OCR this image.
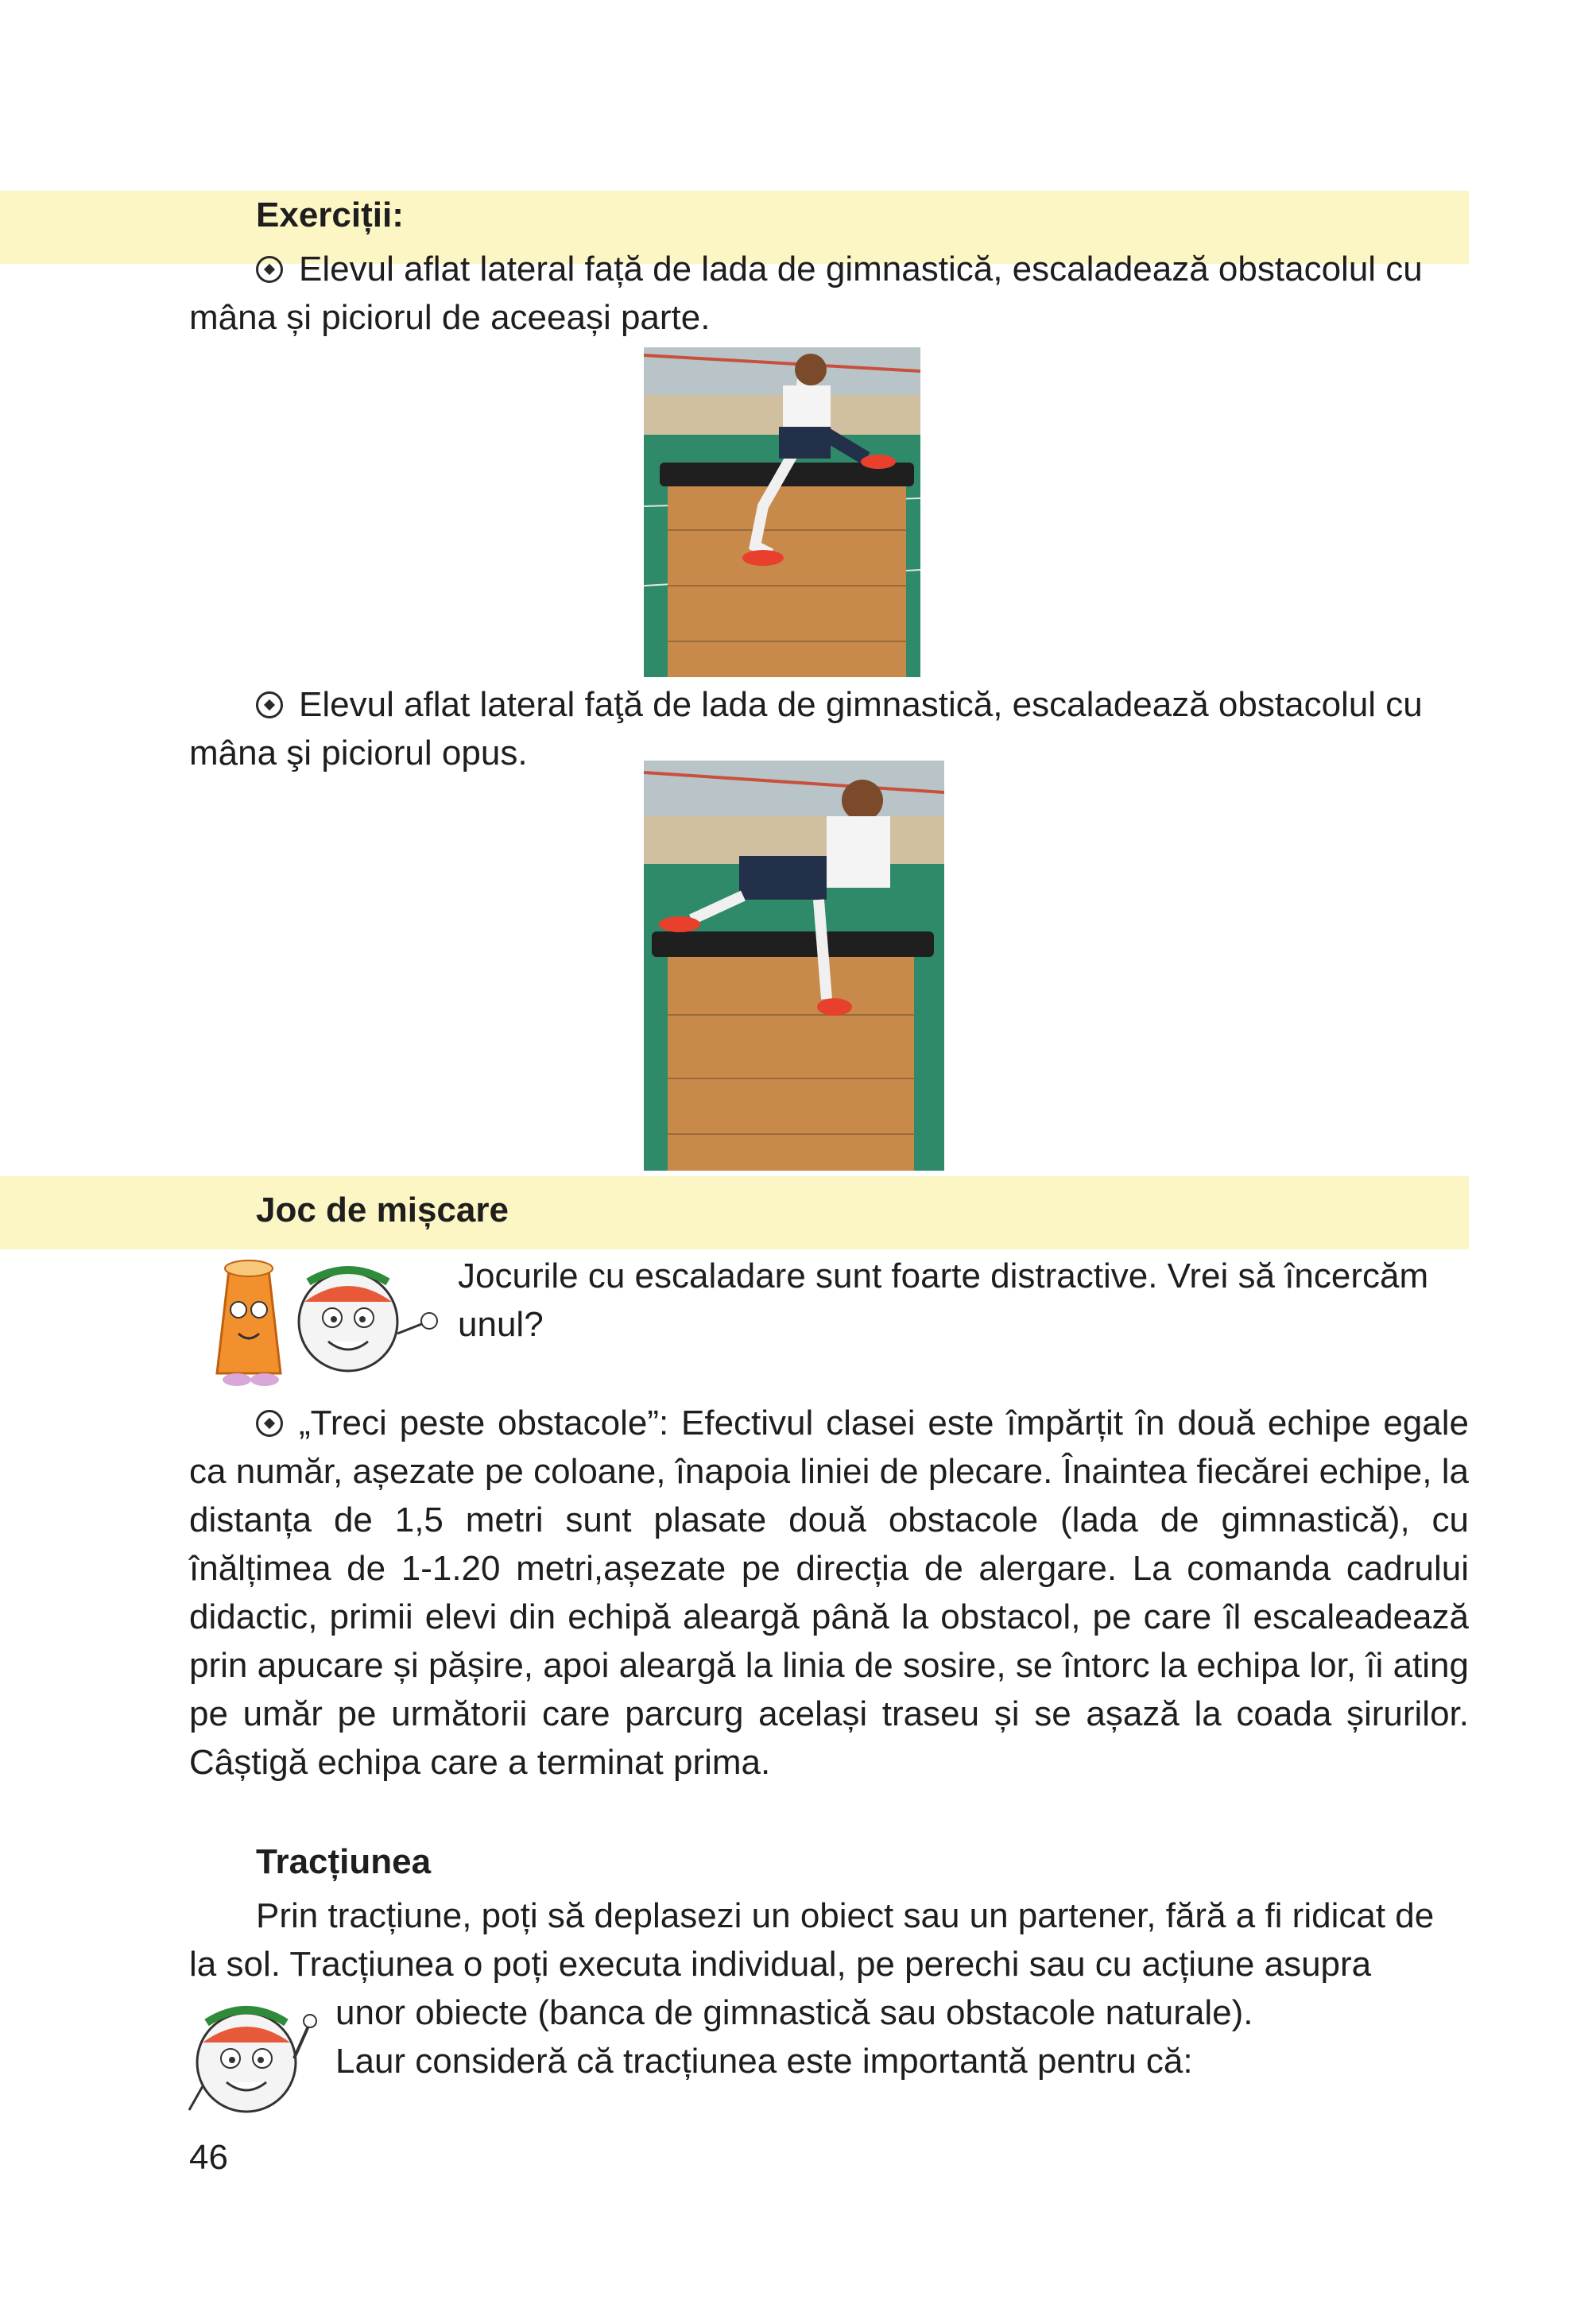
Exerciții:
Elevul aflat lateral față de lada de gimnastică, escaladează obstacolul cu
mâna și piciorul de aceeași parte.
Elevul aflat lateral faţă de lada de gimnastică, escaladează obstacolul cu
mâna şi piciorul opus.
Joc de mișcare
Jocurile cu escaladare sunt foarte distractive. Vrei să încercăm
unul?
„Treci peste obstacole”: Efectivul clasei este împărțit în două echipe egale ca număr, așezate pe coloane, înapoia liniei de plecare. Înaintea fiecărei echipe, la distanța de 1,5 metri sunt plasate două obstacole (lada de gimnastică), cu înălțimea de 1-1.20 metri,așezate pe direcția de alergare. La comanda cadrului didactic, primii elevi din echipă aleargă până la obstacol, pe care îl escaleadează prin apucare și pășire, apoi aleargă la linia de sosire, se întorc la echipa lor, îi ating pe umăr pe următorii care parcurg același traseu și se așază la coada șirurilor. Câștigă echipa care a terminat prima.
Tracțiunea
Prin tracțiune, poți să deplasezi un obiect sau un partener, fără a fi ridicat de
la sol. Tracțiunea o poți executa individual, pe perechi sau cu acțiune asupra
unor obiecte (banca de gimnastică sau obstacole naturale).
Laur consideră că tracțiunea este importantă pentru că:
46
